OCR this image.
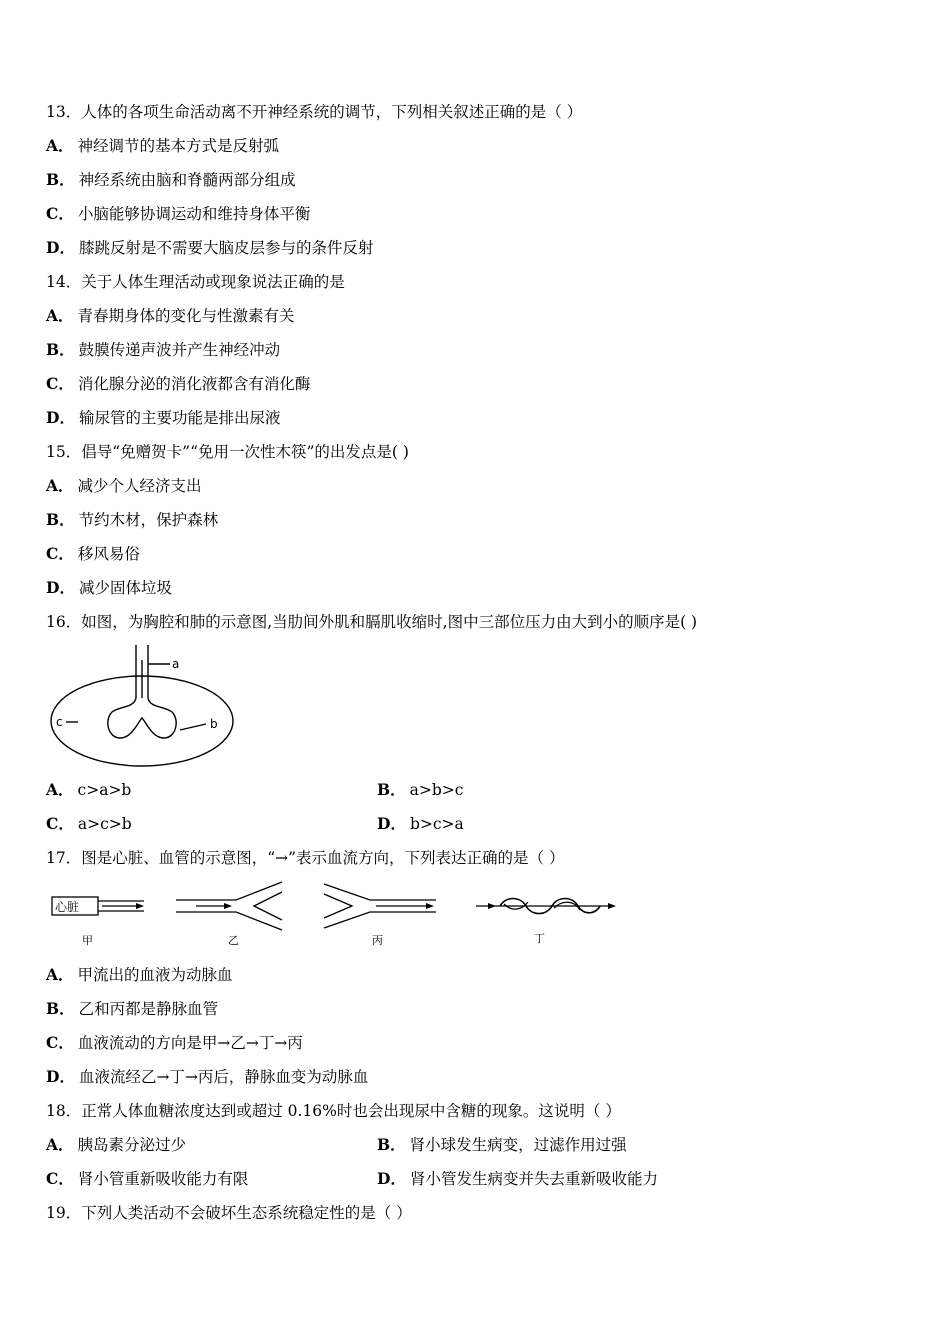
13．人体的各项生命活动离不开神经系统的调节，下列相关叙述正确的是（ ）
A． 神经调节的基本方式是反射弧
B． 神经系统由脑和脊髓两部分组成
C． 小脑能够协调运动和维持身体平衡
D． 膝跳反射是不需要大脑皮层参与的条件反射
14．关于人体生理活动或现象说法正确的是
A． 青春期身体的变化与性激素有关
B． 鼓膜传递声波并产生神经冲动
C． 消化腺分泌的消化液都含有消化酶
D． 输尿管的主要功能是排出尿液
15．倡导“免赠贺卡”“免用一次性木筷”的出发点是( )
A． 减少个人经济支出
B． 节约木材，保护森林
C． 移风易俗
D． 减少固体垃圾
16．如图，为胸腔和肺的示意图,当肋间外肌和膈肌收缩时,图中三部位压力由大到小的顺序是( )
a
b
c
A． c>a>b	B． a>b>c
C． a>c>b	D． b>c>a
17．图是心脏、血管的示意图，“→”表示血流方向，下列表达正确的是（ ）
心脏
甲	乙	丙	丁
A． 甲流出的血液为动脉血
B． 乙和丙都是静脉血管
C． 血液流动的方向是甲→乙→丁→丙
D． 血液流经乙→丁→丙后，静脉血变为动脉血
18．正常人体血糖浓度达到或超过 0.16%时也会出现尿中含糖的现象。这说明（ ）
A． 胰岛素分泌过少	B． 肾小球发生病变，过滤作用过强
C． 肾小管重新吸收能力有限	D． 肾小管发生病变并失去重新吸收能力
19．下列人类活动不会破坏生态系统稳定性的是（ ）
